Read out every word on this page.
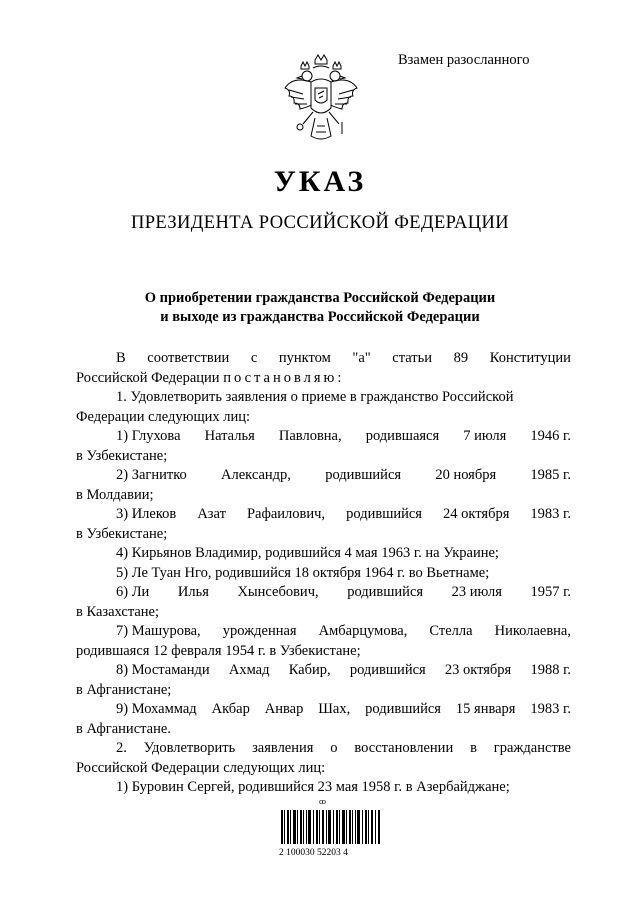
Взамен разосланного
УКАЗ
ПРЕЗИДЕНТА РОССИЙСКОЙ ФЕДЕРАЦИИ
О приобретении гражданства Российской Федерации
и выходе из гражданства Российской Федерации
В соответствии с пунктом "а" статьи 89 Конституции
Российской Федерации постановляю:
1. Удовлетворить заявления о приеме в гражданство Российской
Федерации следующих лиц:
1) Глухова Наталья Павловна, родившаяся 7 июля 1946 г.
в Узбекистане;
2) Загнитко Александр, родившийся 20 ноября 1985 г.
в Молдавии;
3) Илеков Азат Рафаилович, родившийся 24 октября 1983 г.
в Узбекистане;
4) Кирьянов Владимир, родившийся 4 мая 1963 г. на Украине;
5) Ле Туан Нго, родившийся 18 октября 1964 г. во Вьетнаме;
6) Ли Илья Хынсебович, родившийся 23 июля 1957 г.
в Казахстане;
7) Машурова, урожденная Амбарцумова, Стелла Николаевна,
родившаяся 12 февраля 1954 г. в Узбекистане;
8) Мостаманди Ахмад Кабир, родившийся 23 октября 1988 г.
в Афганистане;
9) Мохаммад Акбар Анвар Шах, родившийся 15 января 1983 г.
в Афганистане.
2. Удовлетворить заявления о восстановлении в гражданстве
Российской Федерации следующих лиц:
1) Буровин Сергей, родившийся 23 мая 1958 г. в Азербайджане;
ꝏ
2 100030 52203 4
